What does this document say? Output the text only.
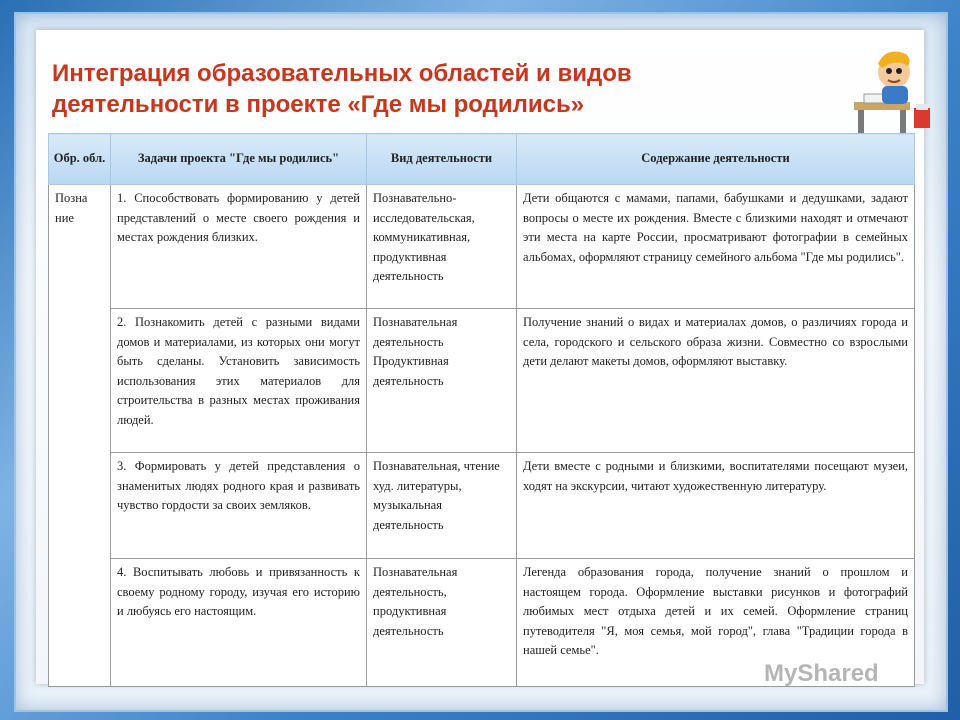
Интеграция образовательных областей и видов
деятельности в проекте «Где мы родились»
Обр. обл.	Задачи проекта "Где мы родились"	Вид деятельности	Содержание деятельности

Позна ние	1. Способствовать формированию у детей представлений о месте своего рождения и местах рождения близких.	Познавательно-исследовательская, коммуникативная, продуктивная деятельность	Дети общаются с мамами, папами, бабушками и дедушками, задают вопросы о месте их рождения. Вместе с близкими находят и отмечают эти места на карте России, просматривают фотографии в семейных альбомах, оформляют страницу семейного альбома "Где мы родились".
	2. Познакомить детей с разными видами домов и материалами, из которых они могут быть сделаны. Установить зависимость использования этих материалов для строительства в разных местах проживания людей.	Познавательная деятельность Продуктивная деятельность	Получение знаний о видах и материалах домов, о различиях города и села, городского и сельского образа жизни. Совместно со взрослыми дети делают макеты домов, оформляют выставку.
	3. Формировать у детей представления о знаменитых людях родного края и развивать чувство гордости за своих земляков.	Познавательная, чтение худ. литературы, музыкальная деятельность	Дети вместе с родными и близкими, воспитателями посещают музеи, ходят на экскурсии, читают художественную литературу.
	4. Воспитывать любовь и привязанность к своему родному городу, изучая его историю и любуясь его настоящим.	Познавательная деятельность, продуктивная деятельность	Легенда образования города, получение знаний о прошлом и настоящем города. Оформление выставки рисунков и фотографий любимых мест отдыха детей и их семей. Оформление страниц путеводителя "Я, моя семья, мой город", глава "Традиции города в нашей семье".
MyShared
